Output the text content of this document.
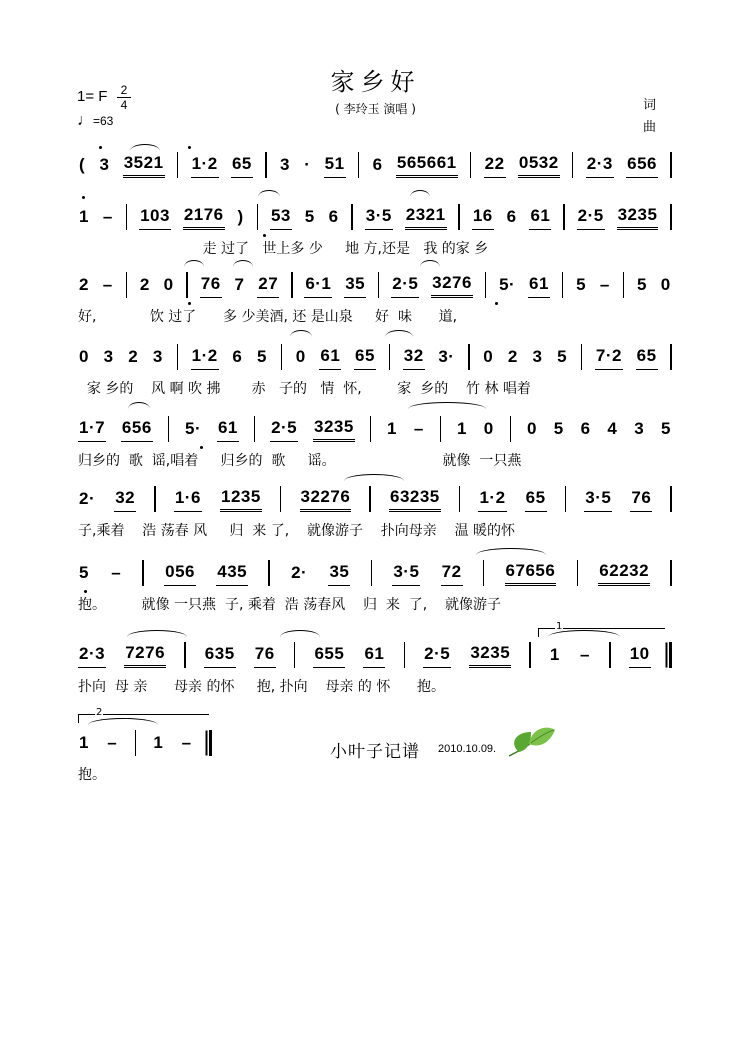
家乡好
( 李玲玉 演唱 )
1= F	2
4
♩=63
词
曲
( 3 3521 1·2 65 3 · 51 6 565661 22 0532 2·3 656
1 – 103 2176 ) 53 5 6 3·5 2321 16 6 61 2·5 3235
走 过了   世上多 少     地 方,还是   我 的家 乡
2 – 2 0 76 7 27 6·1 35 2·5 3276 5· 61 5 – 5 0
好,            饮 过了      多 少美酒, 还 是山泉     好  味      道,
0 3 2 3 1·2 6 5 0 61 65 32 3· 0 2 3 5 7·2 65
家 乡的    风 啊 吹 拂       赤   子的   情  怀,        家  乡的    竹 林 唱着
1·7 656 5· 61 2·5 3235 1 – 1 0 0 5 6 4 3 5
归乡的  歌  谣,唱着     归乡的  歌     谣。                        就像  一只燕
2· 32 1·6 1235 32276 63235 1·2 65 3·5 76
子,乘着    浩 荡春 风     归  来 了,    就像游子    扑向母亲    温 暖的怀
5 –	056 435	2· 35	3·5 72	67656	62232
抱。        就像 一只燕  子, 乘着  浩 荡春风    归  来  了,    就像游子
2·3 7276 635 76 655 61 2·5 3235 1 – 10
扑向  母 亲      母亲 的怀     抱, 扑向    母亲 的 怀      抱。
1
1 – 1 –
抱。
2
小叶子记谱 2010.10.09.
